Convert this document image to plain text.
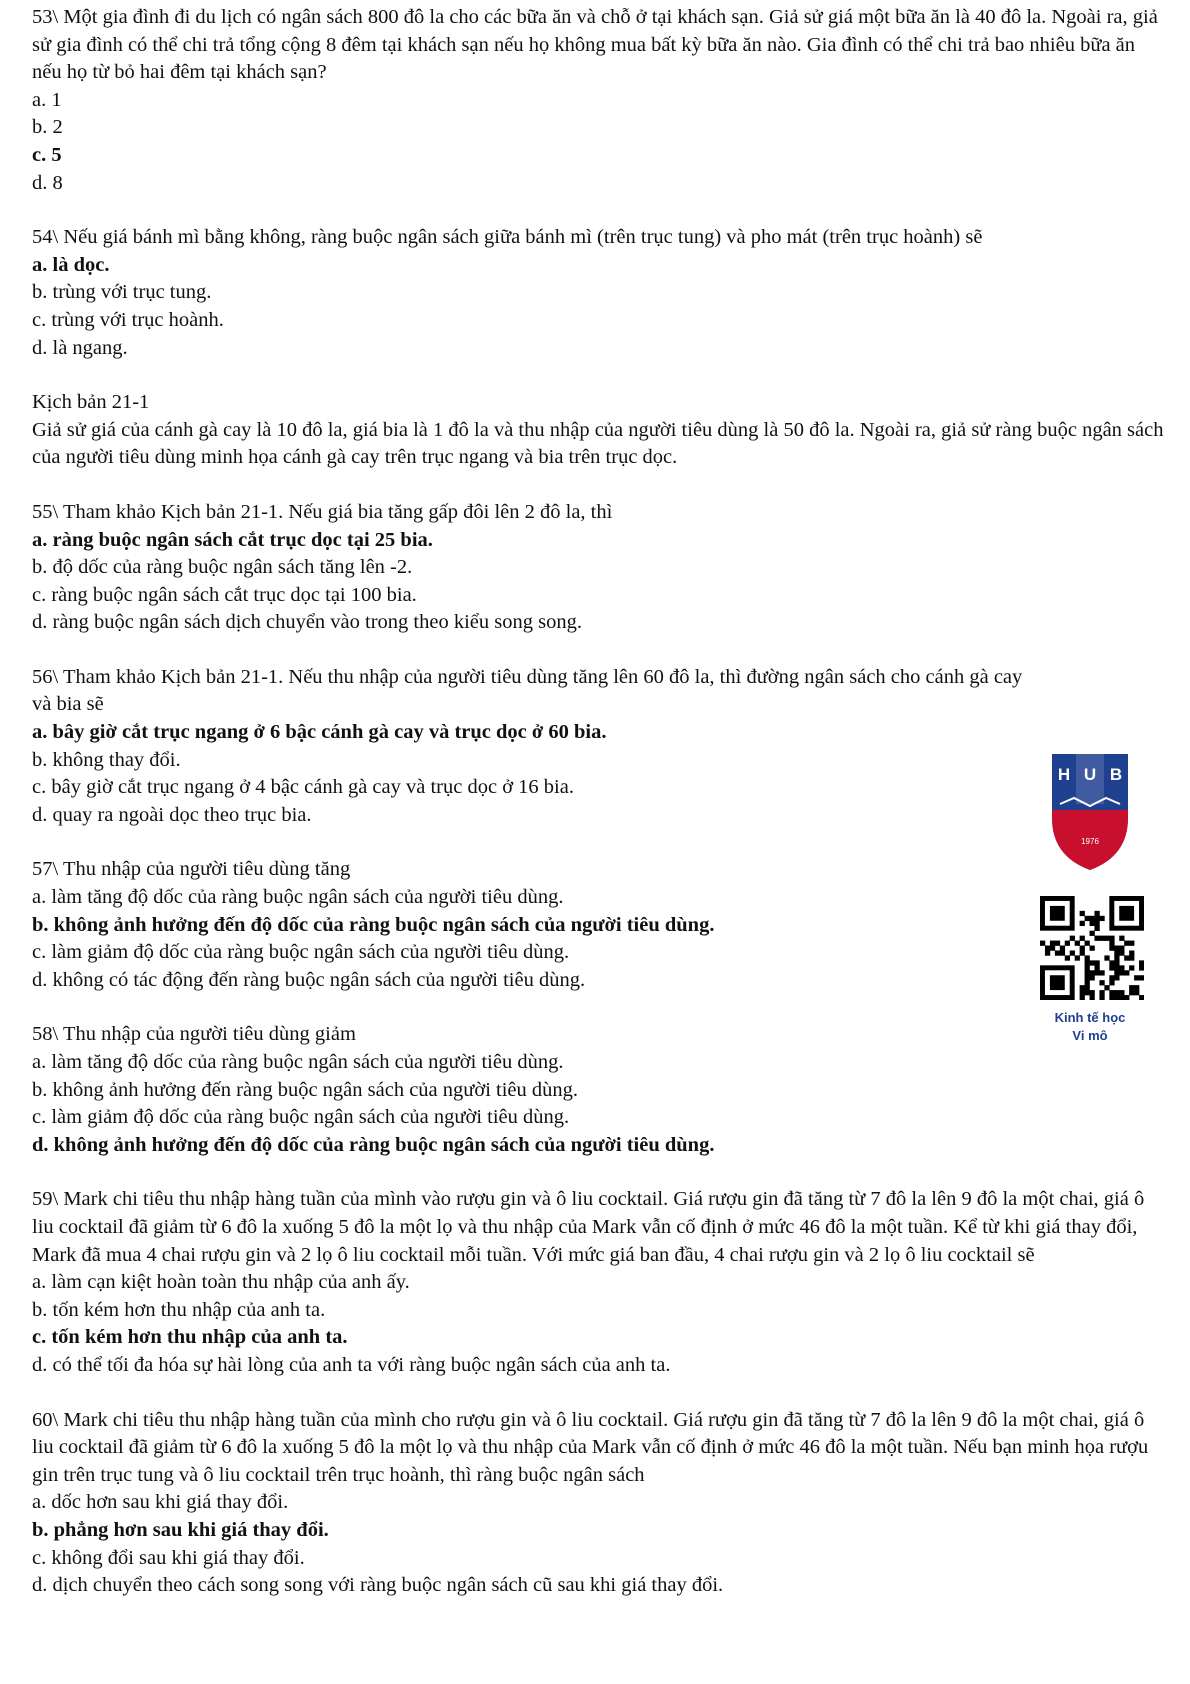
53\ Một gia đình đi du lịch có ngân sách 800 đô la cho các bữa ăn và chỗ ở tại khách sạn. Giả sử giá một bữa ăn là 40 đô la. Ngoài ra, giả sử gia đình có thể chi trả tổng cộng 8 đêm tại khách sạn nếu họ không mua bất kỳ bữa ăn nào. Gia đình có thể chi trả bao nhiêu bữa ăn nếu họ từ bỏ hai đêm tại khách sạn?

a. 1
b. 2
c. 5
d. 8

54\ Nếu giá bánh mì bằng không, ràng buộc ngân sách giữa bánh mì (trên trục tung) và pho mát (trên trục hoành) sẽ

a. là dọc.
b. trùng với trục tung.
c. trùng với trục hoành.
d. là ngang.

Kịch bản 21-1

Giả sử giá của cánh gà cay là 10 đô la, giá bia là 1 đô la và thu nhập của người tiêu dùng là 50 đô la. Ngoài ra, giả sử ràng buộc ngân sách của người tiêu dùng minh họa cánh gà cay trên trục ngang và bia trên trục dọc.

55\ Tham khảo Kịch bản 21-1. Nếu giá bia tăng gấp đôi lên 2 đô la, thì

a. ràng buộc ngân sách cắt trục dọc tại 25 bia.
b. độ dốc của ràng buộc ngân sách tăng lên -2.
c. ràng buộc ngân sách cắt trục dọc tại 100 bia.
d. ràng buộc ngân sách dịch chuyển vào trong theo kiểu song song.

56\ Tham khảo Kịch bản 21-1. Nếu thu nhập của người tiêu dùng tăng lên 60 đô la, thì đường ngân sách cho cánh gà cay và bia sẽ

a. bây giờ cắt trục ngang ở 6 bậc cánh gà cay và trục dọc ở 60 bia.
b. không thay đổi.
c. bây giờ cắt trục ngang ở 4 bậc cánh gà cay và trục dọc ở 16 bia.
d. quay ra ngoài dọc theo trục bia.

57\ Thu nhập của người tiêu dùng tăng

a. làm tăng độ dốc của ràng buộc ngân sách của người tiêu dùng.
b. không ảnh hưởng đến độ dốc của ràng buộc ngân sách của người tiêu dùng.
c. làm giảm độ dốc của ràng buộc ngân sách của người tiêu dùng.
d. không có tác động đến ràng buộc ngân sách của người tiêu dùng.

58\ Thu nhập của người tiêu dùng giảm

a. làm tăng độ dốc của ràng buộc ngân sách của người tiêu dùng.
b. không ảnh hưởng đến ràng buộc ngân sách của người tiêu dùng.
c. làm giảm độ dốc của ràng buộc ngân sách của người tiêu dùng.
d. không ảnh hưởng đến độ dốc của ràng buộc ngân sách của người tiêu dùng.

59\ Mark chi tiêu thu nhập hàng tuần của mình vào rượu gin và ô liu cocktail. Giá rượu gin đã tăng từ 7 đô la lên 9 đô la một chai, giá ô liu cocktail đã giảm từ 6 đô la xuống 5 đô la một lọ và thu nhập của Mark vẫn cố định ở mức 46 đô la một tuần. Kể từ khi giá thay đổi, Mark đã mua 4 chai rượu gin và 2 lọ ô liu cocktail mỗi tuần. Với mức giá ban đầu, 4 chai rượu gin và 2 lọ ô liu cocktail sẽ

a. làm cạn kiệt hoàn toàn thu nhập của anh ấy.
b. tốn kém hơn thu nhập của anh ta.
c. tốn kém hơn thu nhập của anh ta.
d. có thể tối đa hóa sự hài lòng của anh ta với ràng buộc ngân sách của anh ta.

60\ Mark chi tiêu thu nhập hàng tuần của mình cho rượu gin và ô liu cocktail. Giá rượu gin đã tăng từ 7 đô la lên 9 đô la một chai, giá ô liu cocktail đã giảm từ 6 đô la xuống 5 đô la một lọ và thu nhập của Mark vẫn cố định ở mức 46 đô la một tuần. Nếu bạn minh họa rượu gin trên trục tung và ô liu cocktail trên trục hoành, thì ràng buộc ngân sách

a. dốc hơn sau khi giá thay đổi.
b. phẳng hơn sau khi giá thay đổi.
c. không đổi sau khi giá thay đổi.
d. dịch chuyển theo cách song song với ràng buộc ngân sách cũ sau khi giá thay đổi.
H U B
1976
Kinh tế học
Vi mô
